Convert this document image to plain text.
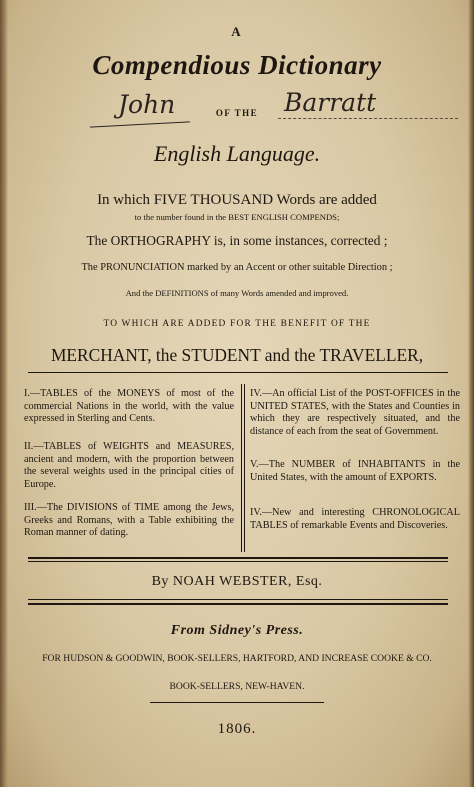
A
Compendious Dictionary
John	OF THE	Barratt
English Language.
In which FIVE THOUSAND Words are added
to the number found in the BEST ENGLISH COMPENDS;
The ORTHOGRAPHY is, in some instances, corrected ;
The PRONUNCIATION marked by an Accent or other suitable Direction ;
And the DEFINITIONS of many Words amended and improved.
TO WHICH ARE ADDED FOR THE BENEFIT OF THE
MERCHANT, the STUDENT and the TRAVELLER,
I.—TABLES of the MONEYS of most of the commercial Nations in the world, with the value expressed in Sterling and Cents.
II.—TABLES of WEIGHTS and MEASURES, ancient and modern, with the proportion between the several weights used in the principal cities of Europe.
III.—The DIVISIONS of TIME among the Jews, Greeks and Romans, with a Table exhibiting the Roman manner of dating.
IV.—An official List of the POST-OFFICES in the UNITED STATES, with the States and Counties in which they are respectively situated, and the distance of each from the seat of Government.
V.—The NUMBER of INHABITANTS in the United States, with the amount of EXPORTS.
IV.—New and interesting CHRONOLOGICAL TABLES of remarkable Events and Discoveries.
By NOAH WEBSTER, Esq.
From Sidney's Press.
FOR HUDSON & GOODWIN, BOOK-SELLERS, HARTFORD, AND INCREASE COOKE & CO.
BOOK-SELLERS, NEW-HAVEN.
1806.
